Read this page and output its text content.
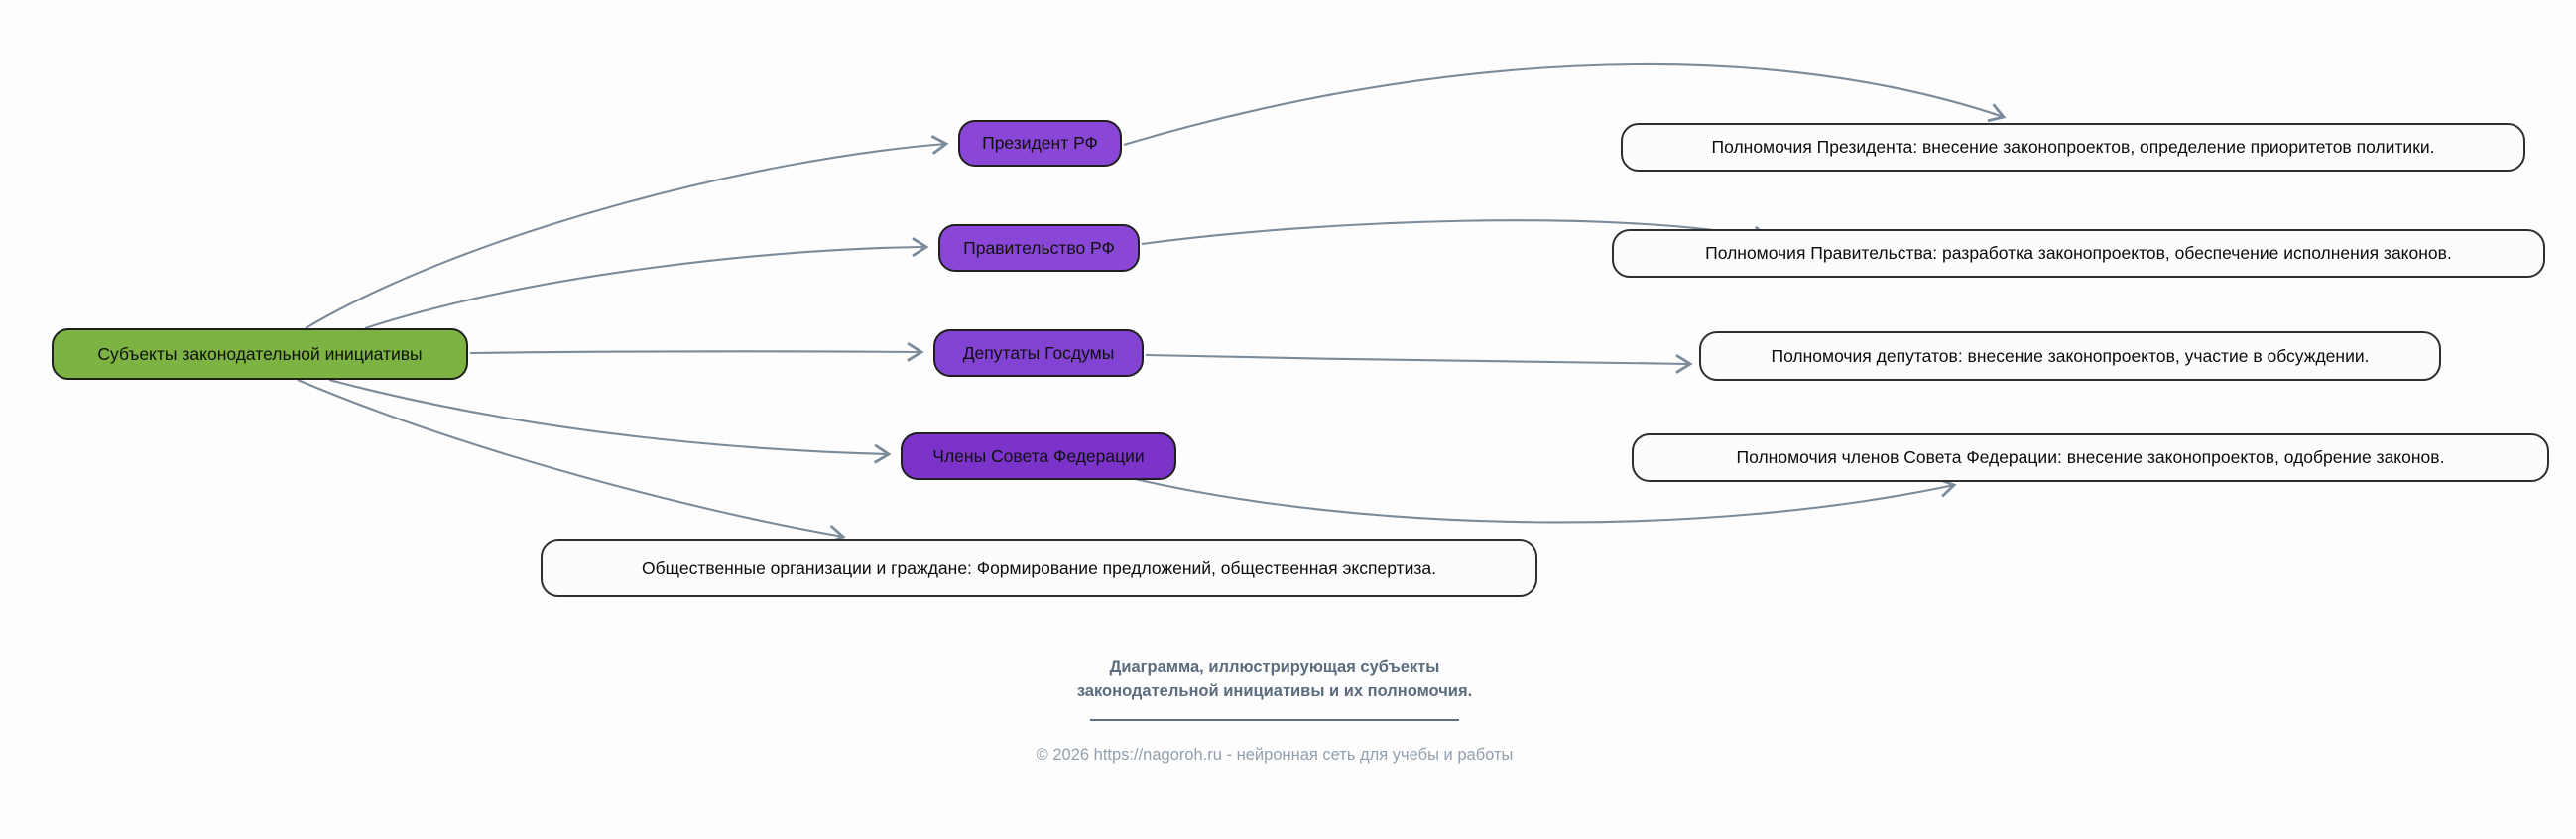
Субъекты законодательной инициативы
Президент РФ
Правительство РФ
Депутаты Госдумы
Члены Совета Федерации
Полномочия Президента: внесение законопроектов, определение приоритетов политики.
Полномочия Правительства: разработка законопроектов, обеспечение исполнения законов.
Полномочия депутатов: внесение законопроектов, участие в обсуждении.
Полномочия членов Совета Федерации: внесение законопроектов, одобрение законов.
Общественные организации и граждане: Формирование предложений, общественная экспертиза.
Диаграмма, иллюстрирующая субъекты
законодательной инициативы и их полномочия.
© 2026 https://nagoroh.ru - нейронная сеть для учебы и работы
